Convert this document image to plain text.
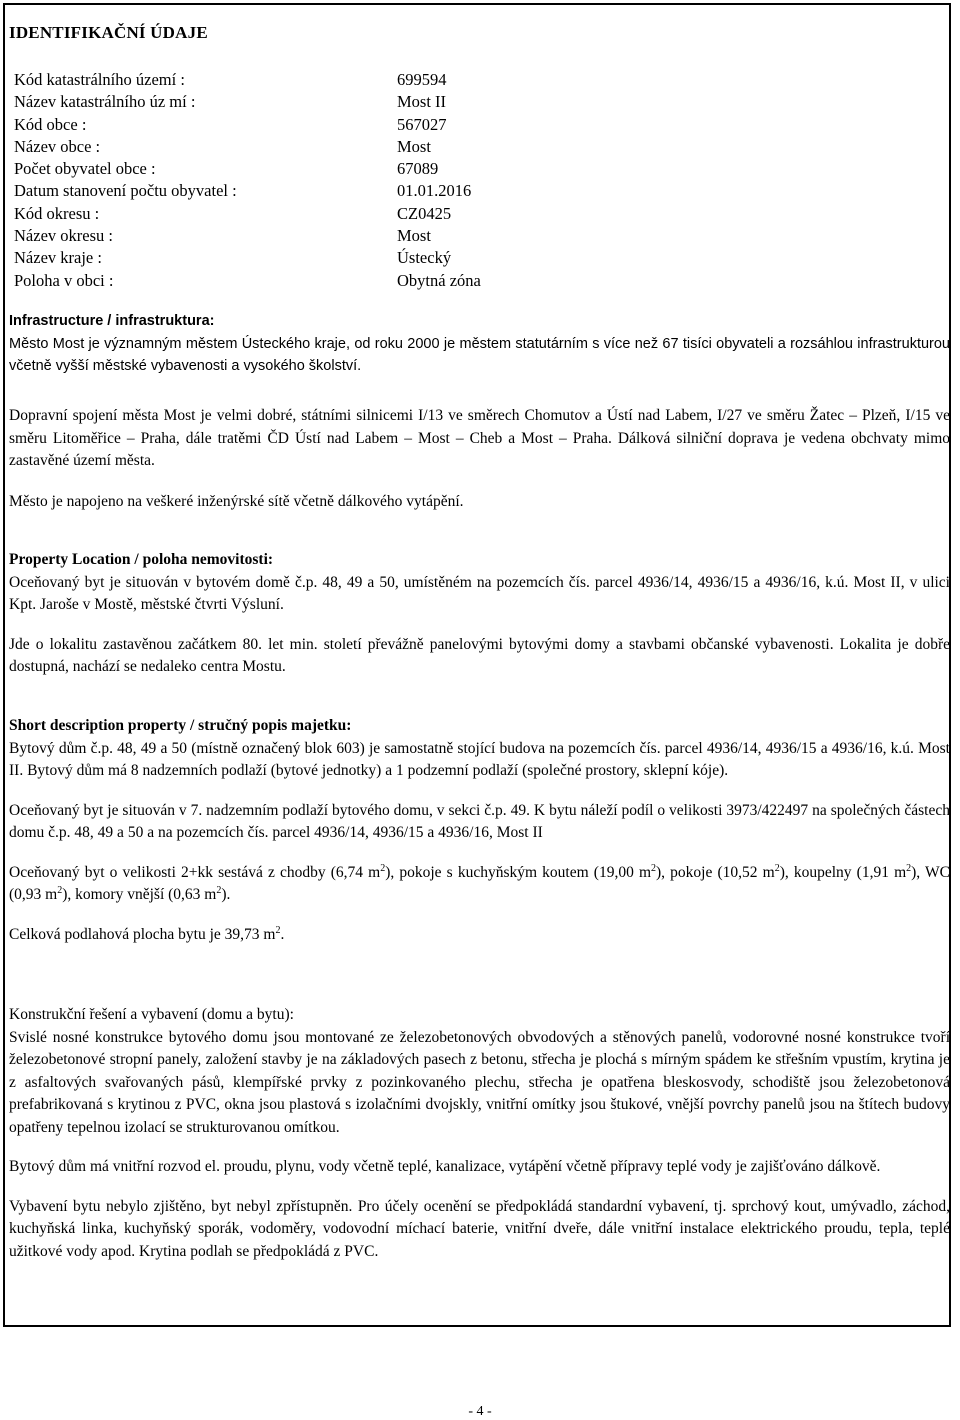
IDENTIFIKAČNÍ ÚDAJE
Kód katastrálního území :	699594
Název katastrálního úz mí :	Most II
Kód obce :	567027
Název obce :	Most
Počet obyvatel obce :	67089
Datum stanovení počtu obyvatel :	01.01.2016
Kód okresu :	CZ0425
Název okresu :	Most
Název kraje :	Ústecký
Poloha v obci :	Obytná zóna

Infrastructure / infrastruktura:

Město Most je významným městem Ústeckého kraje, od roku 2000 je městem statutárním s více než 67 tisíci obyvateli a rozsáhlou infrastrukturou včetně vyšší městské vybavenosti a vysokého školství.

Dopravní spojení města Most je velmi dobré, státními silnicemi I/13 ve směrech Chomutov a Ústí nad Labem, I/27 ve směru Žatec – Plzeň, I/15 ve směru Litoměřice – Praha, dále tratěmi ČD Ústí nad Labem – Most – Cheb a Most – Praha. Dálková silniční doprava je vedena obchvaty mimo zastavěné území města.

Město je napojeno na veškeré inženýrské sítě včetně dálkového vytápění.

Property Location / poloha nemovitosti:

Oceňovaný byt je situován v bytovém domě č.p. 48, 49 a 50, umístěném na pozemcích čís. parcel 4936/14, 4936/15 a 4936/16, k.ú. Most II, v ulici Kpt. Jaroše v Mostě, městské čtvrti Výsluní.

Jde o lokalitu zastavěnou začátkem 80. let min. století převážně panelovými bytovými domy a stavbami občanské vybavenosti. Lokalita je dobře dostupná, nachází se nedaleko centra Mostu.

Short description property / stručný popis majetku:

Bytový dům č.p. 48, 49 a 50 (místně označený blok 603) je samostatně stojící budova na pozemcích čís. parcel 4936/14, 4936/15 a 4936/16, k.ú. Most II. Bytový dům má 8 nadzemních podlaží (bytové jednotky) a 1 podzemní podlaží (společné prostory, sklepní kóje).

Oceňovaný byt je situován v 7. nadzemním podlaží bytového domu, v sekci č.p. 49. K bytu náleží podíl o velikosti 3973/422497 na společných částech domu č.p. 48, 49 a 50 a na pozemcích čís. parcel 4936/14, 4936/15 a 4936/16, Most II

Oceňovaný byt o velikosti 2+kk sestává z chodby (6,74 $m^2$), pokoje s kuchyňským koutem (19,00 $m^2$), pokoje (10,52 $m^2$), koupelny (1,91 $m^2$), WC (0,93 $m^2$), komory vnější (0,63 $m^2$).

Celková podlahová plocha bytu je 39,73 $m^2$.

Konstrukční řešení a vybavení (domu a bytu):

Svislé nosné konstrukce bytového domu jsou montované ze železobetonových obvodových a stěnových panelů, vodorovné nosné konstrukce tvoří železobetonové stropní panely, založení stavby je na základových pasech z betonu, střecha je plochá s mírným spádem ke střešním vpustím, krytina je z asfaltových svařovaných pásů, klempířské prvky z pozinkovaného plechu, střecha je opatřena bleskosvody, schodiště jsou železobetonová prefabrikovaná s krytinou z PVC, okna jsou plastová s izolačními dvojskly, vnitřní omítky jsou štukové, vnější povrchy panelů jsou na štítech budovy opatřeny tepelnou izolací se strukturovanou omítkou.

Bytový dům má vnitřní rozvod el. proudu, plynu, vody včetně teplé, kanalizace, vytápění včetně přípravy teplé vody je zajišťováno dálkově.

Vybavení bytu nebylo zjištěno, byt nebyl zpřístupněn. Pro účely ocenění se předpokládá standardní vybavení, tj. sprchový kout, umývadlo, záchod, kuchyňská linka, kuchyňský sporák, vodoměry, vodovodní míchací baterie, vnitřní dveře, dále vnitřní instalace elektrického proudu, tepla, teplé užitkové vody apod. Krytina podlah se předpokládá z PVC.

- 4 -
